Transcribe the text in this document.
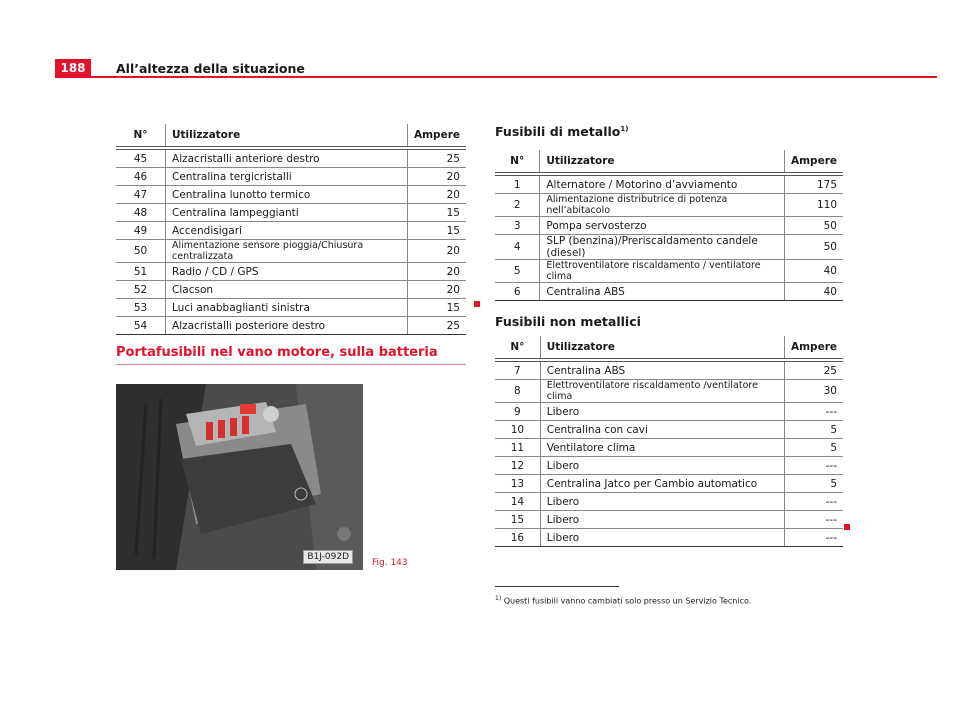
188	All’altezza della situazione
N°	Utilizzatore	Ampere
45	Alzacristalli anteriore destro	25
46	Centralina tergicristalli	20
47	Centralina lunotto termico	20
48	Centralina lampeggianti	15
49	Accendisigari	15
50	Alimentazione sensore pioggia/Chiusura centralizzata	20
51	Radio / CD / GPS	20
52	Clacson	20
53	Luci anabbaglianti sinistra	15
54	Alzacristalli posteriore destro	25
Portafusibili nel vano motore, sulla batteria
B1J-092D
Fig. 143
Fusibili di metallo$^{1)}$
N°	Utilizzatore	Ampere
1	Alternatore / Motorino d’avviamento	175
2	Alimentazione distributrice di potenza nell’abitacolo	110
3	Pompa servosterzo	50
4	SLP (benzina)/Preriscaldamento candele (diesel)	50
5	Elettroventilatore riscaldamento / ventilatore clima	40
6	Centralina ABS	40
Fusibili non metallici
N°	Utilizzatore	Ampere
7	Centralina ABS	25
8	Elettroventilatore riscaldamento /ventilatore clima	30
9	Libero	---
10	Centralina con cavi	5
11	Ventilatore clima	5
12	Libero	---
13	Centralina Jatco per Cambio automatico	5
14	Libero	---
15	Libero	---
16	Libero	---
$^{1)}$ Questi fusibili vanno cambiati solo presso un Servizio Tecnico.
